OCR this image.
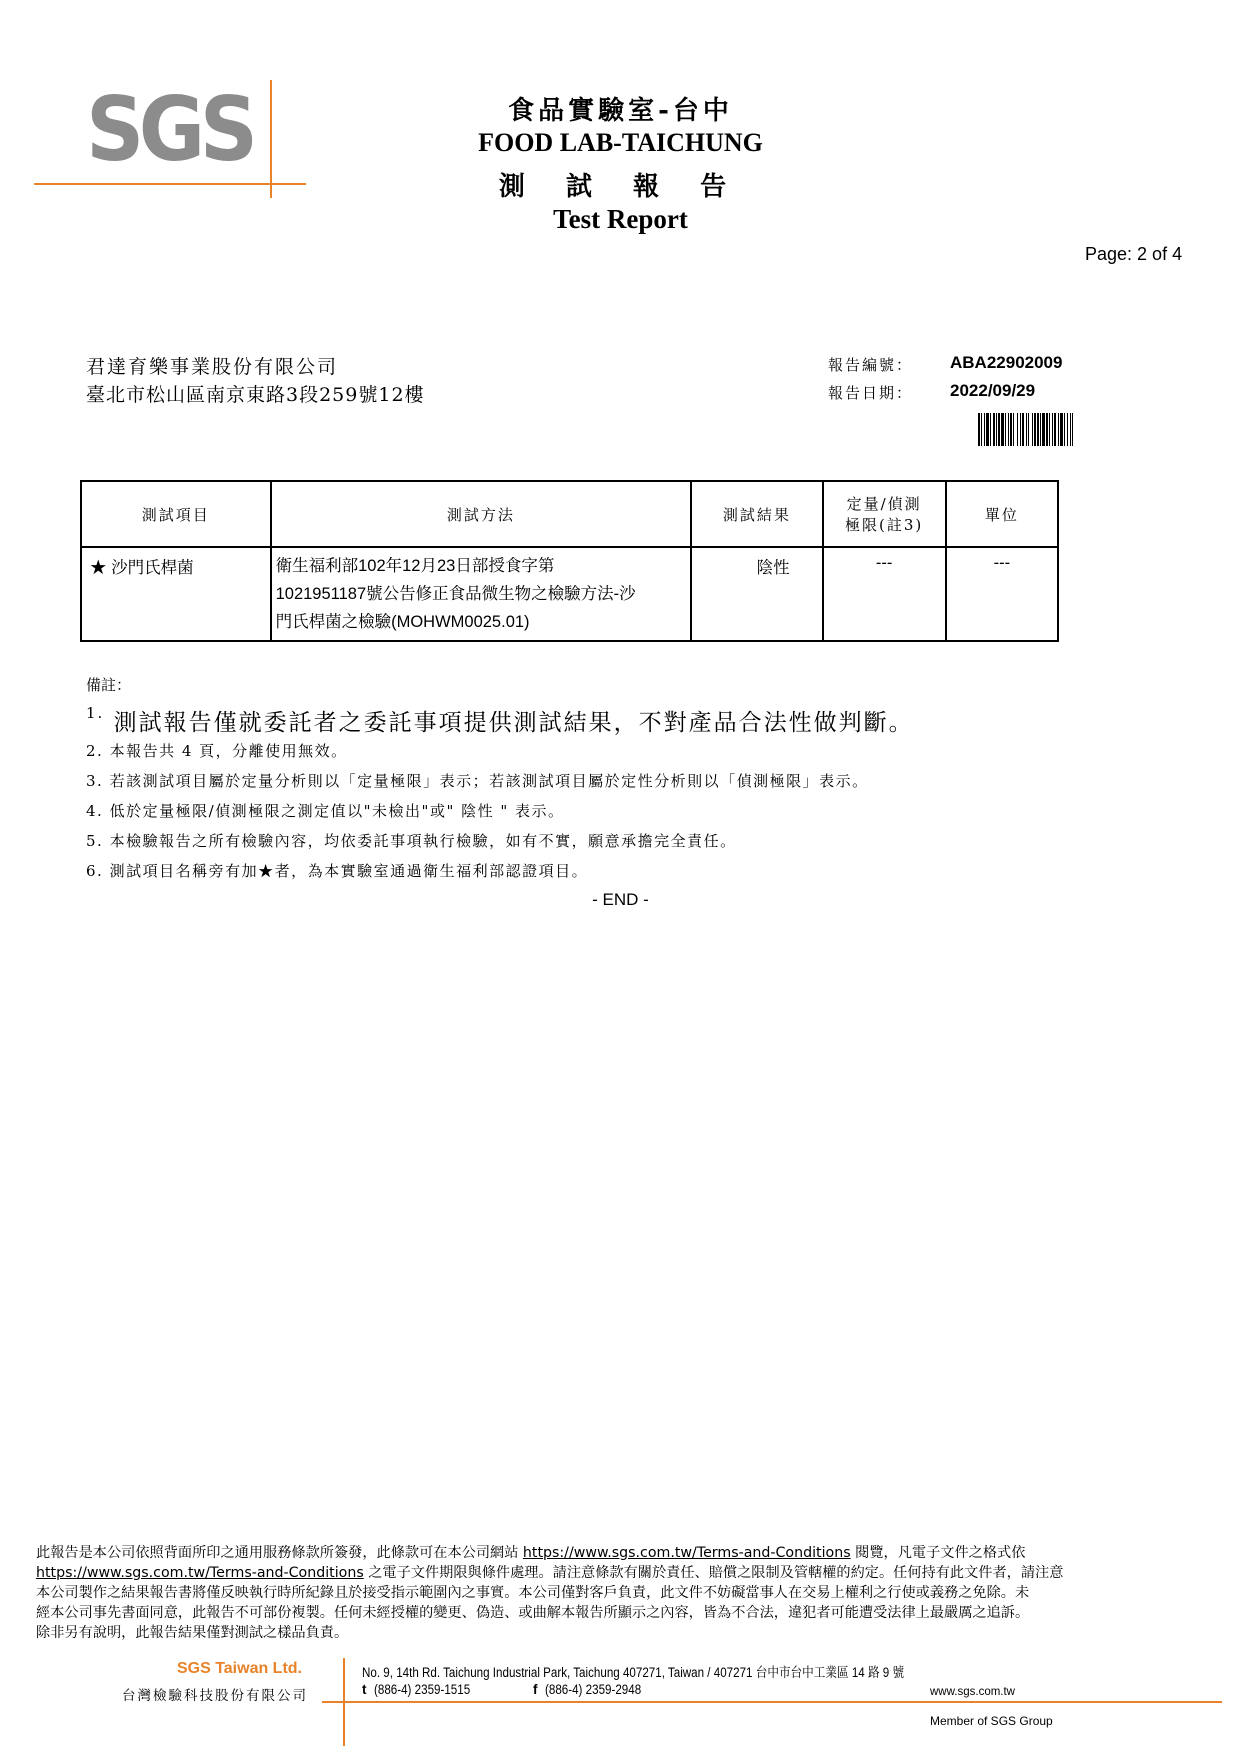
SGS	食品實驗室-台中
FOOD LAB-TAICHUNG
測 試 報 告
Test Report
Page: 2 of 4
君達育樂事業股份有限公司
臺北市松山區南京東路3段259號12樓
報告編號： ABA22902009
報告日期： 2022/09/29
測試項目	測試方法	測試結果	定量/偵測
極限(註3)	單位
★ 沙門氏桿菌	衛生福利部102年12月23日部授食字第
1021951187號公告修正食品微生物之檢驗方法-沙
門氏桿菌之檢驗(MOHWM0025.01)	陰性	---	---
備註：
$^{1.}$ 測試報告僅就委託者之委託事項提供測試結果，不對產品合法性做判斷。
2. 本報告共 4 頁，分離使用無效。
3. 若該測試項目屬於定量分析則以「定量極限」表示；若該測試項目屬於定性分析則以「偵測極限」表示。
4. 低於定量極限/偵測極限之測定值以"未檢出"或" 陰性 " 表示。
5. 本檢驗報告之所有檢驗內容，均依委託事項執行檢驗，如有不實，願意承擔完全責任。
6. 測試項目名稱旁有加★者，為本實驗室通過衛生福利部認證項目。
- END -
此報告是本公司依照背面所印之通用服務條款所簽發，此條款可在本公司網站 https://www.sgs.com.tw/Terms-and-Conditions 閱覽，凡電子文件之格式依
https://www.sgs.com.tw/Terms-and-Conditions 之電子文件期限與條件處理。請注意條款有關於責任、賠償之限制及管轄權的約定。任何持有此文件者，請注意
本公司製作之結果報告書將僅反映執行時所紀錄且於接受指示範圍內之事實。本公司僅對客戶負責，此文件不妨礙當事人在交易上權利之行使或義務之免除。未
經本公司事先書面同意，此報告不可部份複製。任何未經授權的變更、偽造、或曲解本報告所顯示之內容，皆為不合法，違犯者可能遭受法律上最嚴厲之追訴。
除非另有說明，此報告結果僅對測試之樣品負責。
SGS Taiwan Ltd.
台灣檢驗科技股份有限公司
No. 9, 14th Rd. Taichung Industrial Park, Taichung 407271, Taiwan / 407271 台中市台中工業區 14 路 9 號
t (886-4) 2359-1515	f (886-4) 2359-2948	www.sgs.com.tw
Member of SGS Group
